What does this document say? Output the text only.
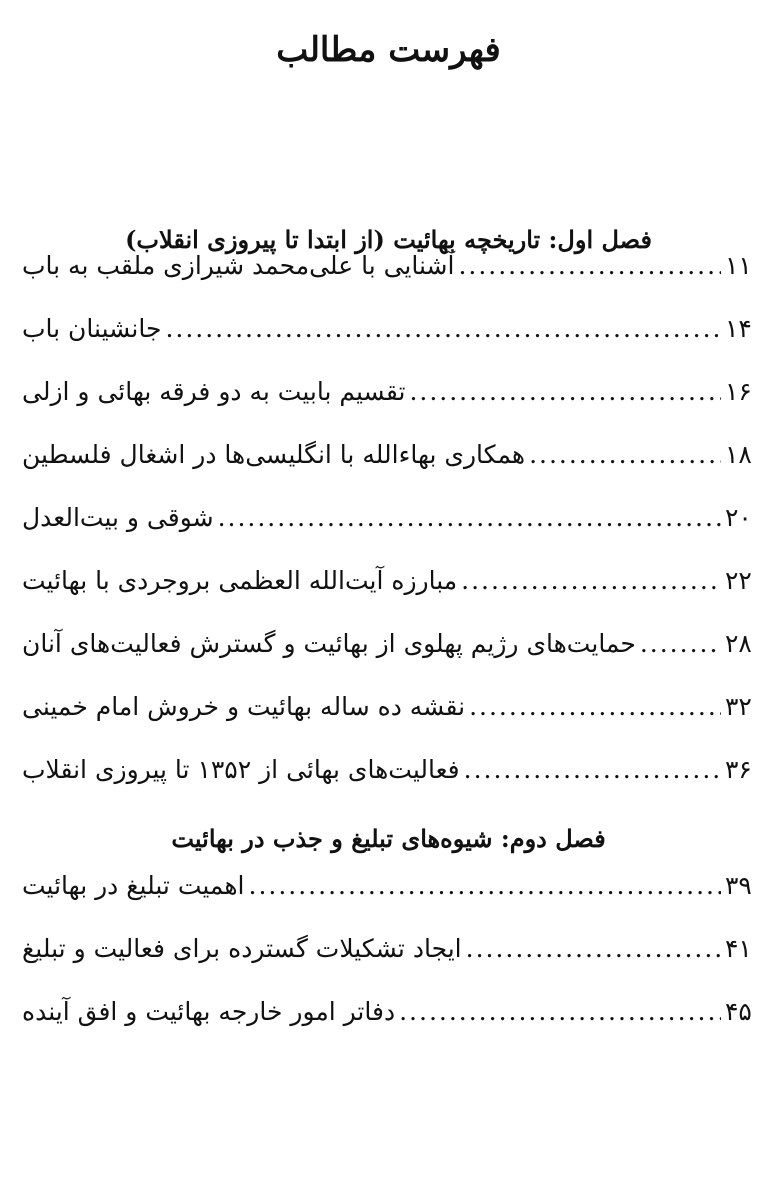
فهرست مطالب
فصل اول: تاریخچه بهائیت (از ابتدا تا پیروزی انقلاب)
آشنایی با علی‌محمد شیرازی ملقب به باب .....	۱۱
جانشینان باب .....	۱۴
تقسیم بابیت به دو فرقه بهائی و ازلی .....	۱۶
همکاری بهاءالله با انگلیسی‌ها در اشغال فلسطین .....	۱۸
شوقی و بیت‌العدل .....	۲۰
مبارزه آیت‌الله العظمی بروجردی با بهائیت .....	۲۲
حمایت‌های رژیم پهلوی از بهائیت و گسترش فعالیت‌های آنان .....	۲۸
نقشه ده ساله بهائیت و خروش امام خمینی .....	۳۲
فعالیت‌های بهائی از ۱۳۵۲ تا پیروزی انقلاب .....	۳۶
فصل دوم: شیوه‌های تبلیغ و جذب در بهائیت
اهمیت تبلیغ در بهائیت .....	۳۹
ایجاد تشکیلات گسترده برای فعالیت و تبلیغ .....	۴۱
دفاتر امور خارجه بهائیت و افق آینده .....	۴۵
